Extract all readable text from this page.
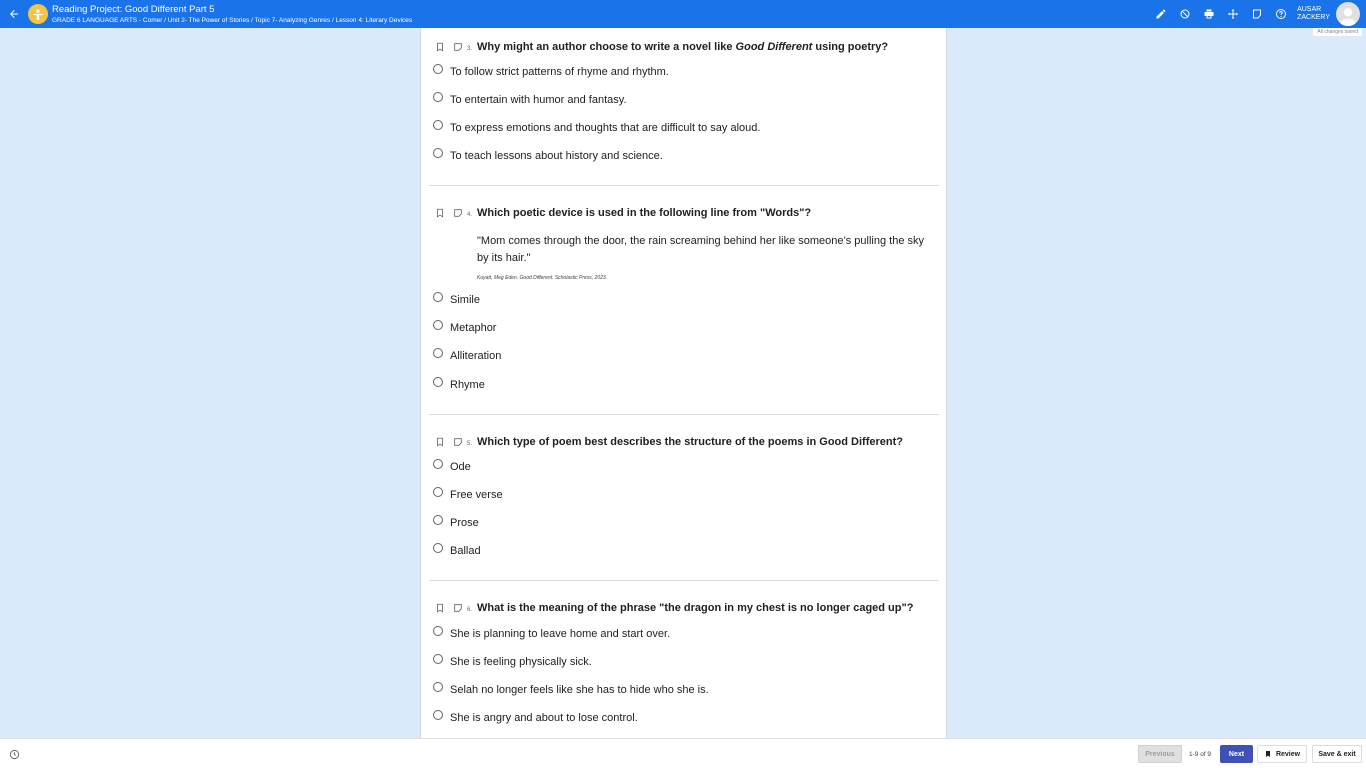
Reading Project: Good Different Part 5
GRADE 6 LANGUAGE ARTS - Comer / Unit 2- The Power of Stories / Topic 7- Analyzing Genres / Lesson 4: Literary Devices
AUSAR
ZACKERY
All changes saved
3. Why might an author choose to write a novel like Good Different using poetry?
To follow strict patterns of rhyme and rhythm.
To entertain with humor and fantasy.
To express emotions and thoughts that are difficult to say aloud.
To teach lessons about history and science.
4. Which poetic device is used in the following line from "Words"?
"Mom comes through the door, the rain screaming behind her like someone’s pulling the sky by its hair."
Kuyatt, Meg Eden. Good Different. Scholastic Press, 2023.
Simile
Metaphor
Alliteration
Rhyme
5. Which type of poem best describes the structure of the poems in Good Different?
Ode
Free verse
Prose
Ballad
6. What is the meaning of the phrase "the dragon in my chest is no longer caged up"?
She is planning to leave home and start over.
She is feeling physically sick.
Selah no longer feels like she has to hide who she is.
She is angry and about to lose control.
Previous	1-9 of 9	Next	Review	Save & exit
